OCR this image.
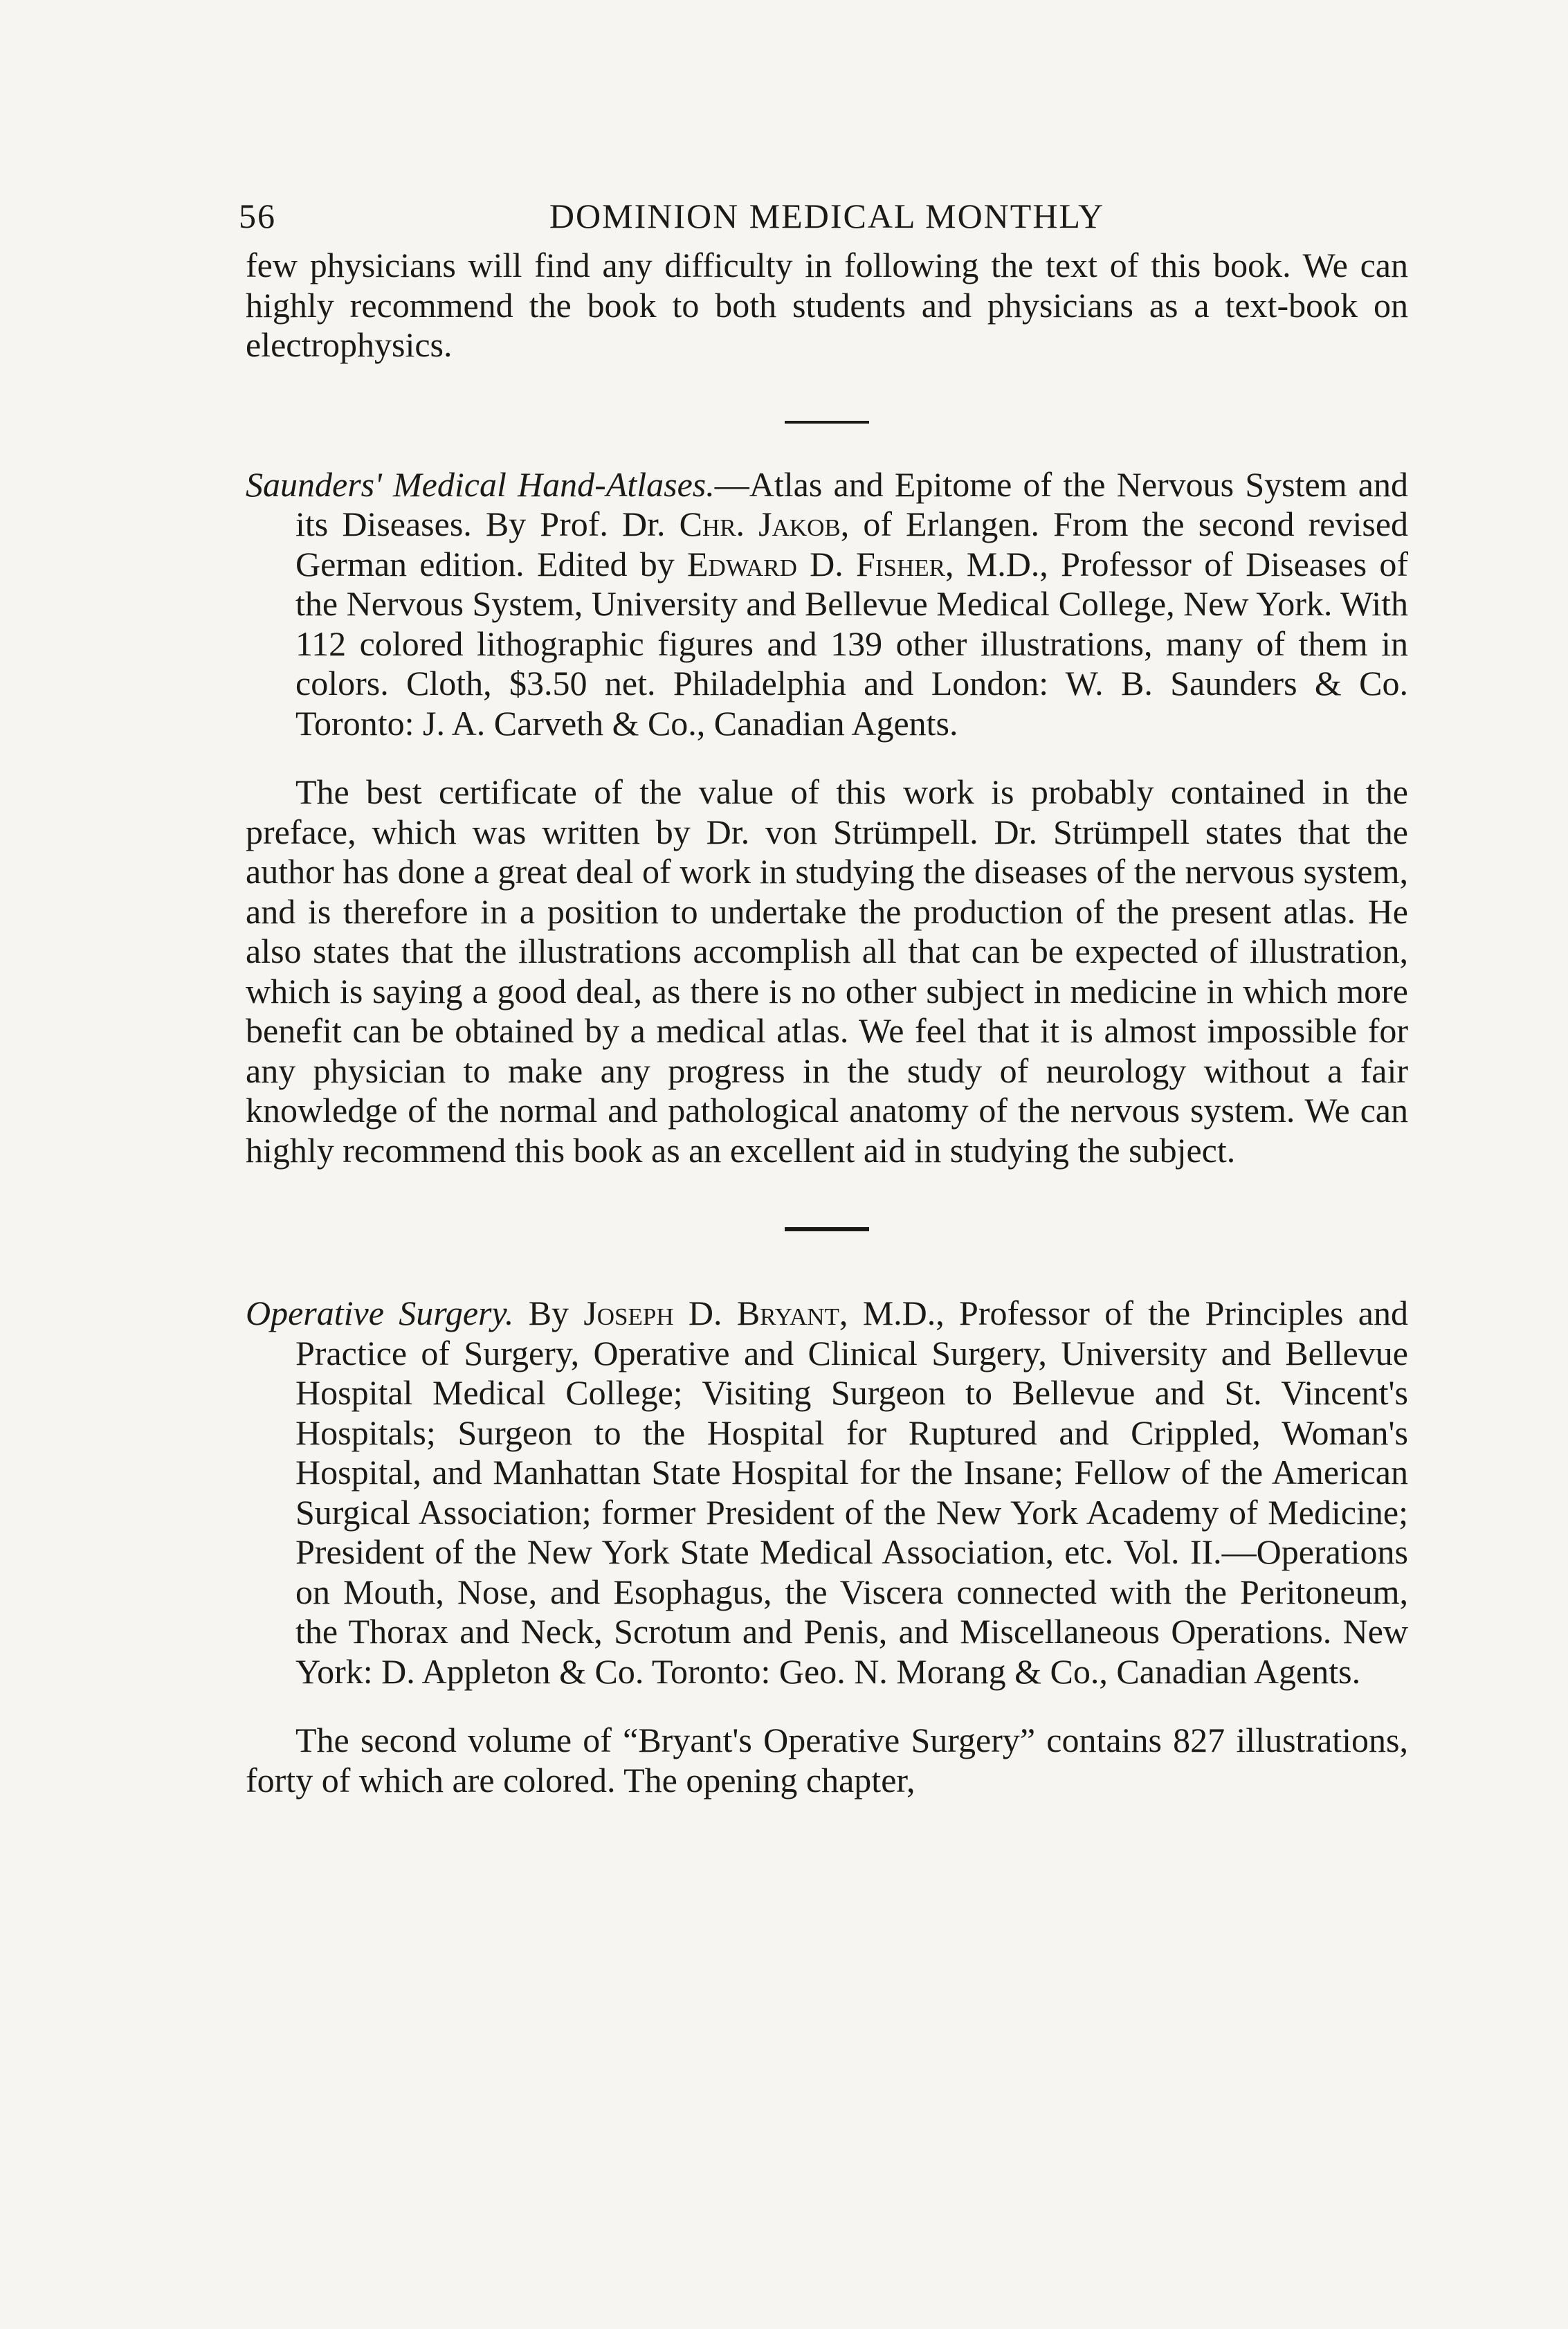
56	DOMINION MEDICAL MONTHLY

few physicians will find any difficulty in following the text of this book. We can highly recommend the book to both students and physicians as a text-book on electrophysics.

Saunders' Medical Hand-Atlases.—Atlas and Epitome of the Nervous System and its Diseases. By Prof. Dr. Chr. Jakob, of Erlangen. From the second revised German edition. Edited by Edward D. Fisher, M.D., Professor of Diseases of the Nervous System, University and Bellevue Medical College, New York. With 112 colored lithographic figures and 139 other illustrations, many of them in colors. Cloth, $3.50 net. Philadelphia and London: W. B. Saunders & Co. Toronto: J. A. Carveth & Co., Canadian Agents.

The best certificate of the value of this work is probably contained in the preface, which was written by Dr. von Strümpell. Dr. Strümpell states that the author has done a great deal of work in studying the diseases of the nervous system, and is therefore in a position to undertake the production of the present atlas. He also states that the illustrations accomplish all that can be expected of illustration, which is saying a good deal, as there is no other subject in medicine in which more benefit can be obtained by a medical atlas. We feel that it is almost impossible for any physician to make any progress in the study of neurology without a fair knowledge of the normal and pathological anatomy of the nervous system. We can highly recommend this book as an excellent aid in studying the subject.

Operative Surgery. By Joseph D. Bryant, M.D., Professor of the Principles and Practice of Surgery, Operative and Clinical Surgery, University and Bellevue Hospital Medical College; Visiting Surgeon to Bellevue and St. Vincent's Hospitals; Surgeon to the Hospital for Ruptured and Crippled, Woman's Hospital, and Manhattan State Hospital for the Insane; Fellow of the American Surgical Association; former President of the New York Academy of Medicine; President of the New York State Medical Association, etc. Vol. II.—Operations on Mouth, Nose, and Esophagus, the Viscera connected with the Peritoneum, the Thorax and Neck, Scrotum and Penis, and Miscellaneous Operations. New York: D. Appleton & Co. Toronto: Geo. N. Morang & Co., Canadian Agents.

The second volume of “Bryant's Operative Surgery” contains 827 illustrations, forty of which are colored. The opening chapter,
